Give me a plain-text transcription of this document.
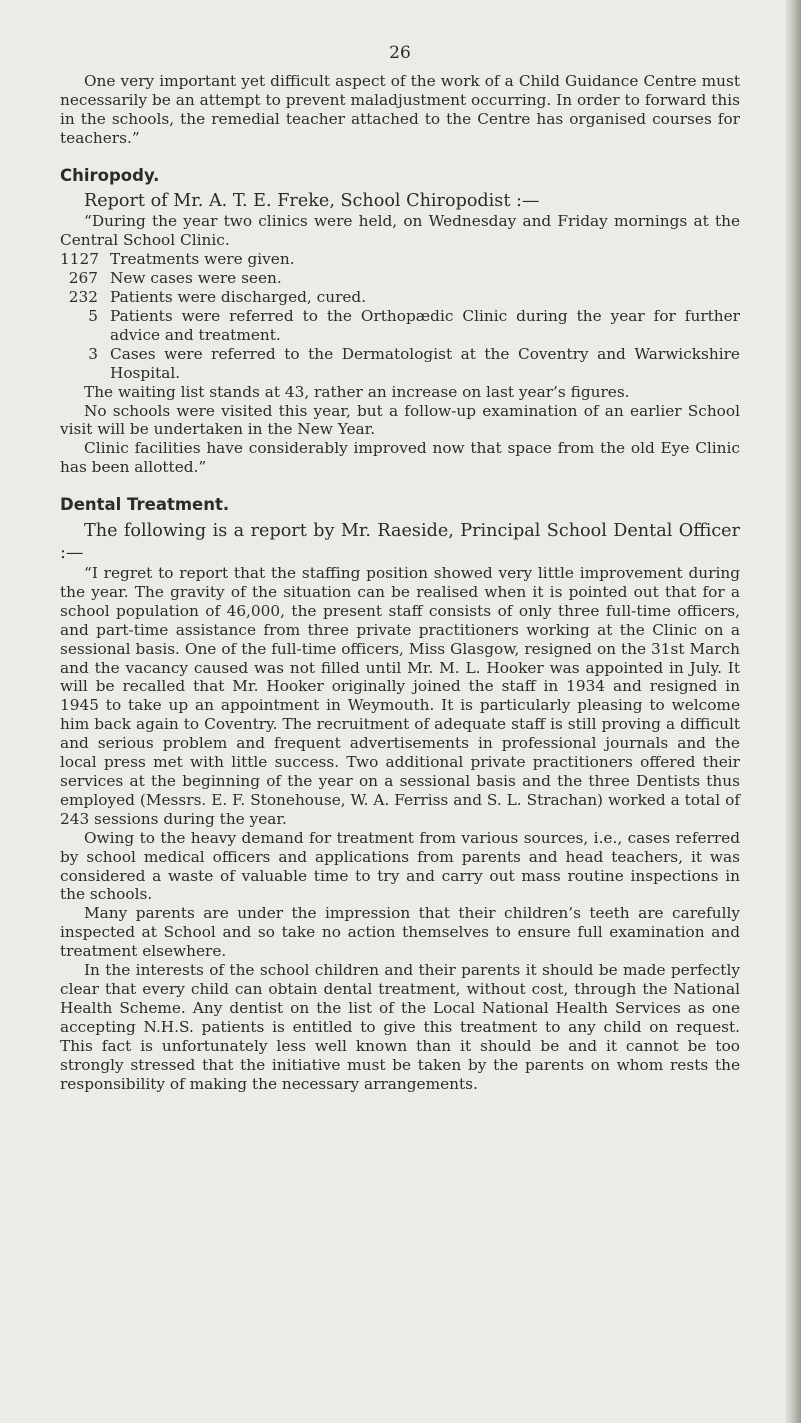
26

One very important yet difficult aspect of the work of a Child Guidance Centre must necessarily be an attempt to prevent maladjustment occurring. In order to forward this in the schools, the remedial teacher attached to the Centre has organised courses for teachers.”

Chiropody.

Report of Mr. A. T. E. Freke, School Chiropodist :—

“During the year two clinics were held, on Wednesday and Friday mornings at the Central School Clinic.

1127 Treatments were given.
267 New cases were seen.
232 Patients were discharged, cured.
5 Patients were referred to the Orthopædic Clinic during the year for further advice and treatment.
3 Cases were referred to the Dermatologist at the Coventry and Warwickshire Hospital.

The waiting list stands at 43, rather an increase on last year’s figures.

No schools were visited this year, but a follow-up examination of an earlier School visit will be undertaken in the New Year.

Clinic facilities have considerably improved now that space from the old Eye Clinic has been allotted.”

Dental Treatment.

The following is a report by Mr. Raeside, Principal School Dental Officer :—

“I regret to report that the staffing position showed very little improvement during the year. The gravity of the situation can be realised when it is pointed out that for a school population of 46,000, the present staff consists of only three full-time officers, and part-time assistance from three private practitioners working at the Clinic on a sessional basis. One of the full-time officers, Miss Glasgow, resigned on the 31st March and the vacancy caused was not filled until Mr. M. L. Hooker was appointed in July. It will be recalled that Mr. Hooker originally joined the staff in 1934 and resigned in 1945 to take up an appointment in Weymouth. It is particularly pleasing to welcome him back again to Coventry. The recruitment of adequate staff is still proving a difficult and serious problem and frequent advertisements in professional journals and the local press met with little success. Two additional private practitioners offered their services at the beginning of the year on a sessional basis and the three Dentists thus employed (Messrs. E. F. Stonehouse, W. A. Ferriss and S. L. Strachan) worked a total of 243 sessions during the year.

Owing to the heavy demand for treatment from various sources, i.e., cases referred by school medical officers and applications from parents and head teachers, it was considered a waste of valuable time to try and carry out mass routine inspections in the schools.

Many parents are under the impression that their children’s teeth are carefully inspected at School and so take no action themselves to ensure full examination and treatment elsewhere.

In the interests of the school children and their parents it should be made perfectly clear that every child can obtain dental treatment, without cost, through the National Health Scheme. Any dentist on the list of the Local National Health Services as one accepting N.H.S. patients is entitled to give this treatment to any child on request. This fact is unfortunately less well known than it should be and it cannot be too strongly stressed that the initiative must be taken by the parents on whom rests the responsibility of making the necessary arrangements.
